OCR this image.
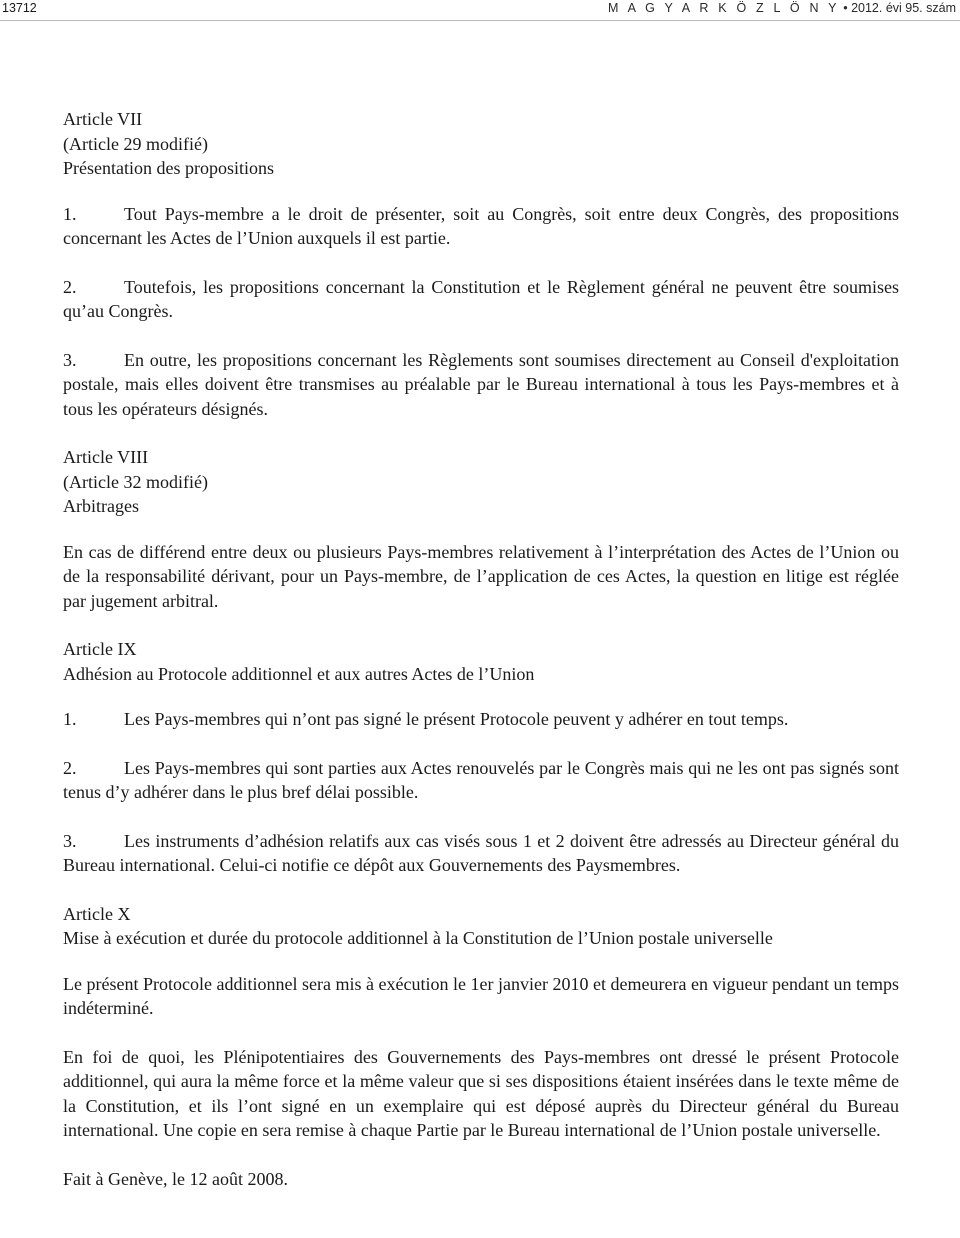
13712	M A G Y A R K Ö Z L Ö N Y • 2012. évi 95. szám
Article VII
(Article 29 modifié)
Présentation des propositions

1.	Tout Pays-membre a le droit de présenter, soit au Congrès, soit entre deux Congrès, des propositions concernant les Actes de l’Union auxquels il est partie.

2.	Toutefois, les propositions concernant la Constitution et le Règlement général ne peuvent être soumises qu’au Congrès.

3.	En outre, les propositions concernant les Règlements sont soumises directement au Conseil d'exploitation postale, mais elles doivent être transmises au préalable par le Bureau international à tous les Pays-membres et à tous les opérateurs désignés.

Article VIII
(Article 32 modifié)
Arbitrages

En cas de différend entre deux ou plusieurs Pays-membres relativement à l’interprétation des Actes de l’Union ou de la responsabilité dérivant, pour un Pays-membre, de l’application de ces Actes, la question en litige est réglée par jugement arbitral.

Article IX
Adhésion au Protocole additionnel et aux autres Actes de l’Union

1.	Les Pays-membres qui n’ont pas signé le présent Protocole peuvent y adhérer en tout temps.

2.	Les Pays-membres qui sont parties aux Actes renouvelés par le Congrès mais qui ne les ont pas signés sont tenus d’y adhérer dans le plus bref délai possible.

3.	Les instruments d’adhésion relatifs aux cas visés sous 1 et 2 doivent être adressés au Directeur général du Bureau international. Celui-ci notifie ce dépôt aux Gouvernements des Paysmembres.

Article X
Mise à exécution et durée du protocole additionnel à la Constitution de l’Union postale universelle

Le présent Protocole additionnel sera mis à exécution le 1er janvier 2010 et demeurera en vigueur pendant un temps indéterminé.

En foi de quoi, les Plénipotentiaires des Gouvernements des Pays-membres ont dressé le présent Protocole additionnel, qui aura la même force et la même valeur que si ses dispositions étaient insérées dans le texte même de la Constitution, et ils l’ont signé en un exemplaire qui est déposé auprès du Directeur général du Bureau international. Une copie en sera remise à chaque Partie par le Bureau international de l’Union postale universelle.

Fait à Genève, le 12 août 2008.
